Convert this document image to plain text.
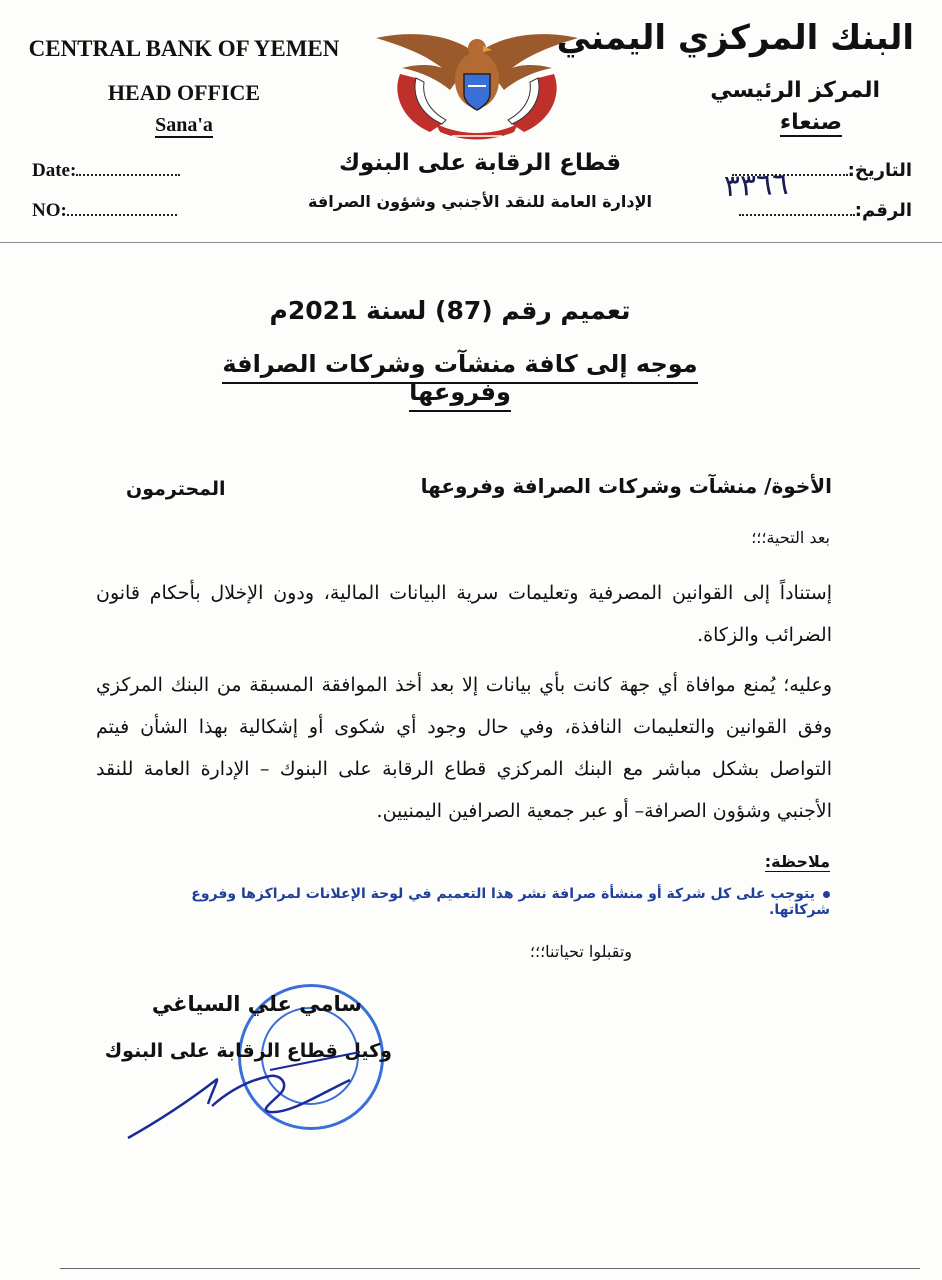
CENTRAL BANK OF YEMEN
HEAD OFFICE
Sana'a
Date:
NO:
البنك المركزي اليمني
المركز الرئيسي
صنعاء
التاريخ:
الرقم:
٣٣٦٦
قطاع الرقابة على البنوك
الإدارة العامة للنقد الأجنبي وشؤون الصرافة
تعميم رقم (87) لسنة 2021م
موجه إلى كافة منشآت وشركات الصرافة وفروعها
الأخوة/ منشآت وشركات الصرافة وفروعها
المحترمون
بعد التحية؛؛؛
إستناداً إلى القوانين المصرفية وتعليمات سرية البيانات المالية، ودون الإخلال بأحكام قانون الضرائب والزكاة.
وعليه؛ يُمنع موافاة أي جهة كانت بأي بيانات إلا بعد أخذ الموافقة المسبقة من البنك المركزي وفق القوانين والتعليمات النافذة، وفي حال وجود أي شكوى أو إشكالية بهذا الشأن فيتم التواصل بشكل مباشر مع البنك المركزي قطاع الرقابة على البنوك – الإدارة العامة للنقد الأجنبي وشؤون الصرافة– أو عبر جمعية الصرافين اليمنيين.
ملاحظة:
يتوجب على كل شركة أو منشأة صرافة نشر هذا التعميم في لوحة الإعلانات لمراكزها وفروع شركاتها.
وتقبلوا تحياتنا؛؛؛
سامي علي السياغي
وكيل قطاع الرقابة على البنوك
